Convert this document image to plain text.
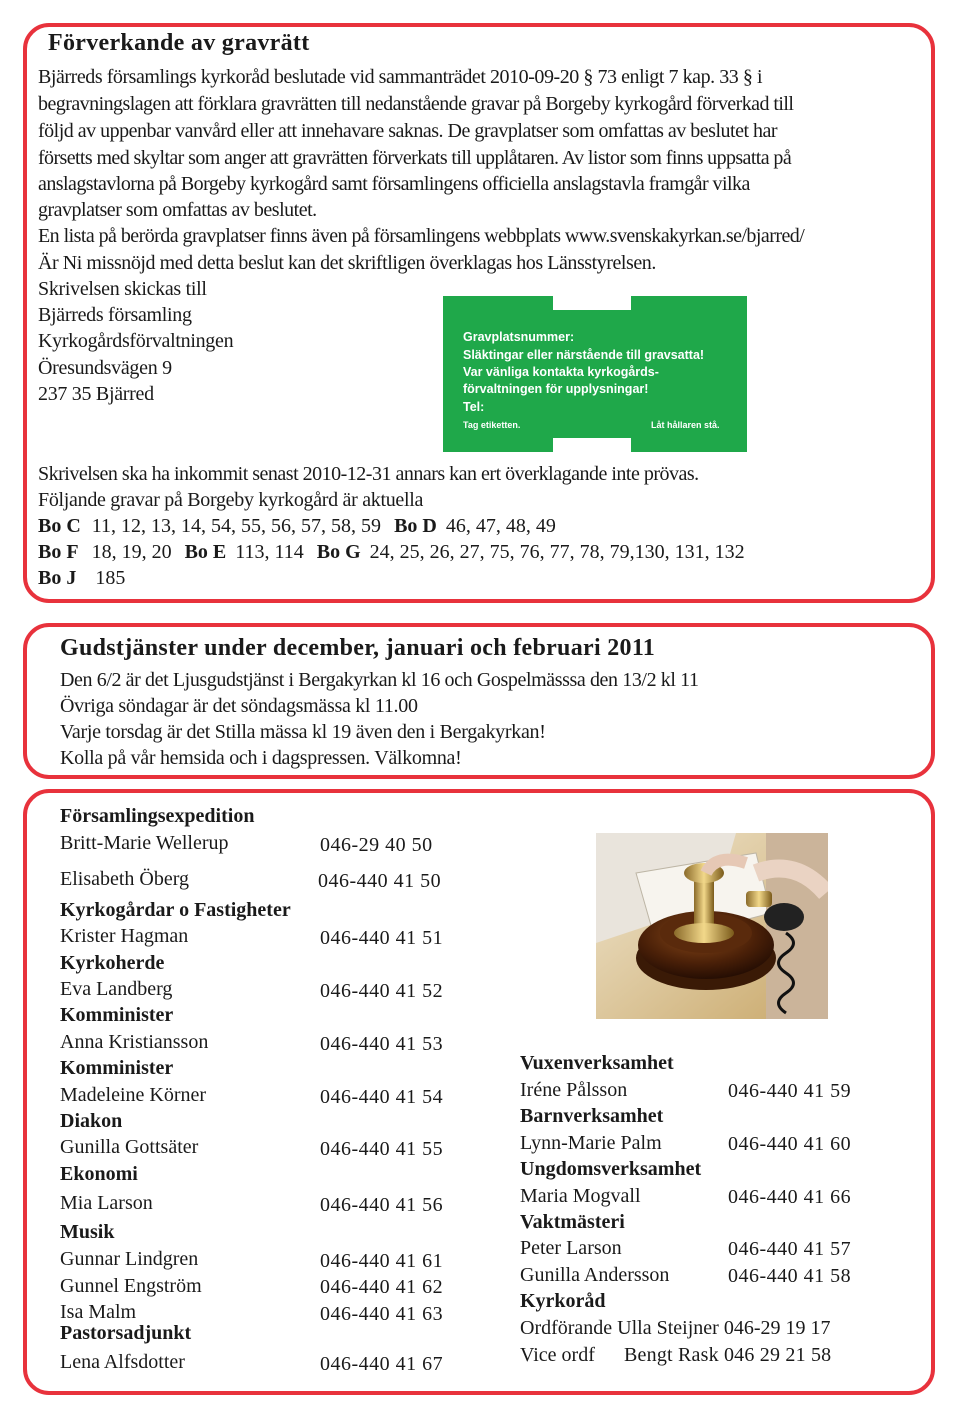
Förverkande av gravrätt
Bjärreds församlings kyrkoråd beslutade vid sammanträdet 2010-09-20 § 73 enligt 7 kap. 33 § i
begravningslagen att förklara gravrätten till nedanstående gravar på Borgeby kyrkogård förverkad till
följd av uppenbar vanvård eller att innehavare saknas. De gravplatser som omfattas av beslutet har
försetts med skyltar som anger att gravrätten förverkats till upplåtaren. Av listor som finns uppsatta på
anslagstavlorna på Borgeby kyrkogård samt församlingens officiella anslagstavla framgår vilka
gravplatser som omfattas av beslutet.
En lista på berörda gravplatser finns även på församlingens webbplats www.svenskakyrkan.se/bjarred/
Är Ni missnöjd med detta beslut kan det skriftligen överklagas hos Länsstyrelsen.
Skrivelsen skickas till
Bjärreds församling
Kyrkogårdsförvaltningen
Öresundsvägen 9
237 35 Bjärred
Gravplatsnummer:
Släktingar eller närstående till gravsatta!
Var vänliga kontakta kyrkogårds-
förvaltningen för upplysningar!
Tel:
Tag etiketten.	Låt hållaren stå.
Skrivelsen ska ha inkommit senast 2010-12-31 annars kan ert överklagande inte prövas.
Följande gravar på Borgeby kyrkogård är aktuella
Bo C 11, 12, 13, 14, 54, 55, 56, 57, 58, 59 Bo D 46, 47, 48, 49
Bo F 18, 19, 20 Bo E 113, 114 Bo G 24, 25, 26, 27, 75, 76, 77, 78, 79,130, 131, 132
Bo J 185
Gudstjänster under december, januari och februari 2011
Den 6/2 är det Ljusgudstjänst i Bergakyrkan kl 16 och Gospelmässsa den 13/2 kl 11
Övriga söndagar är det söndagsmässa kl 11.00
Varje torsdag är det Stilla mässa kl 19 även den i Bergakyrkan!
Kolla på vår hemsida och i dagspressen. Välkomna!
Församlingsexpedition
Britt-Marie Wellerup	046-29 40 50
Elisabeth Öberg	046-440 41 50
Kyrkogårdar o Fastigheter
Krister Hagman	046-440 41 51
Kyrkoherde
Eva Landberg	046-440 41 52
Komminister
Anna Kristiansson	046-440 41 53
Komminister
Madeleine Körner	046-440 41 54
Diakon
Gunilla Gottsäter	046-440 41 55
Ekonomi
Mia Larson	046-440 41 56
Musik
Gunnar Lindgren	046-440 41 61
Gunnel Engström	046-440 41 62
Isa Malm	046-440 41 63
Pastorsadjunkt
Lena Alfsdotter	046-440 41 67
Vuxenverksamhet
Iréne Pålsson	046-440 41 59
Barnverksamhet
Lynn-Marie Palm	046-440 41 60
Ungdomsverksamhet
Maria Mogvall	046-440 41 66
Vaktmästeri
Peter Larson	046-440 41 57
Gunilla Andersson	046-440 41 58
Kyrkoråd
Ordförande Ulla Steijner 046-29 19 17
Vice ordf Bengt Rask 046 29 21 58
